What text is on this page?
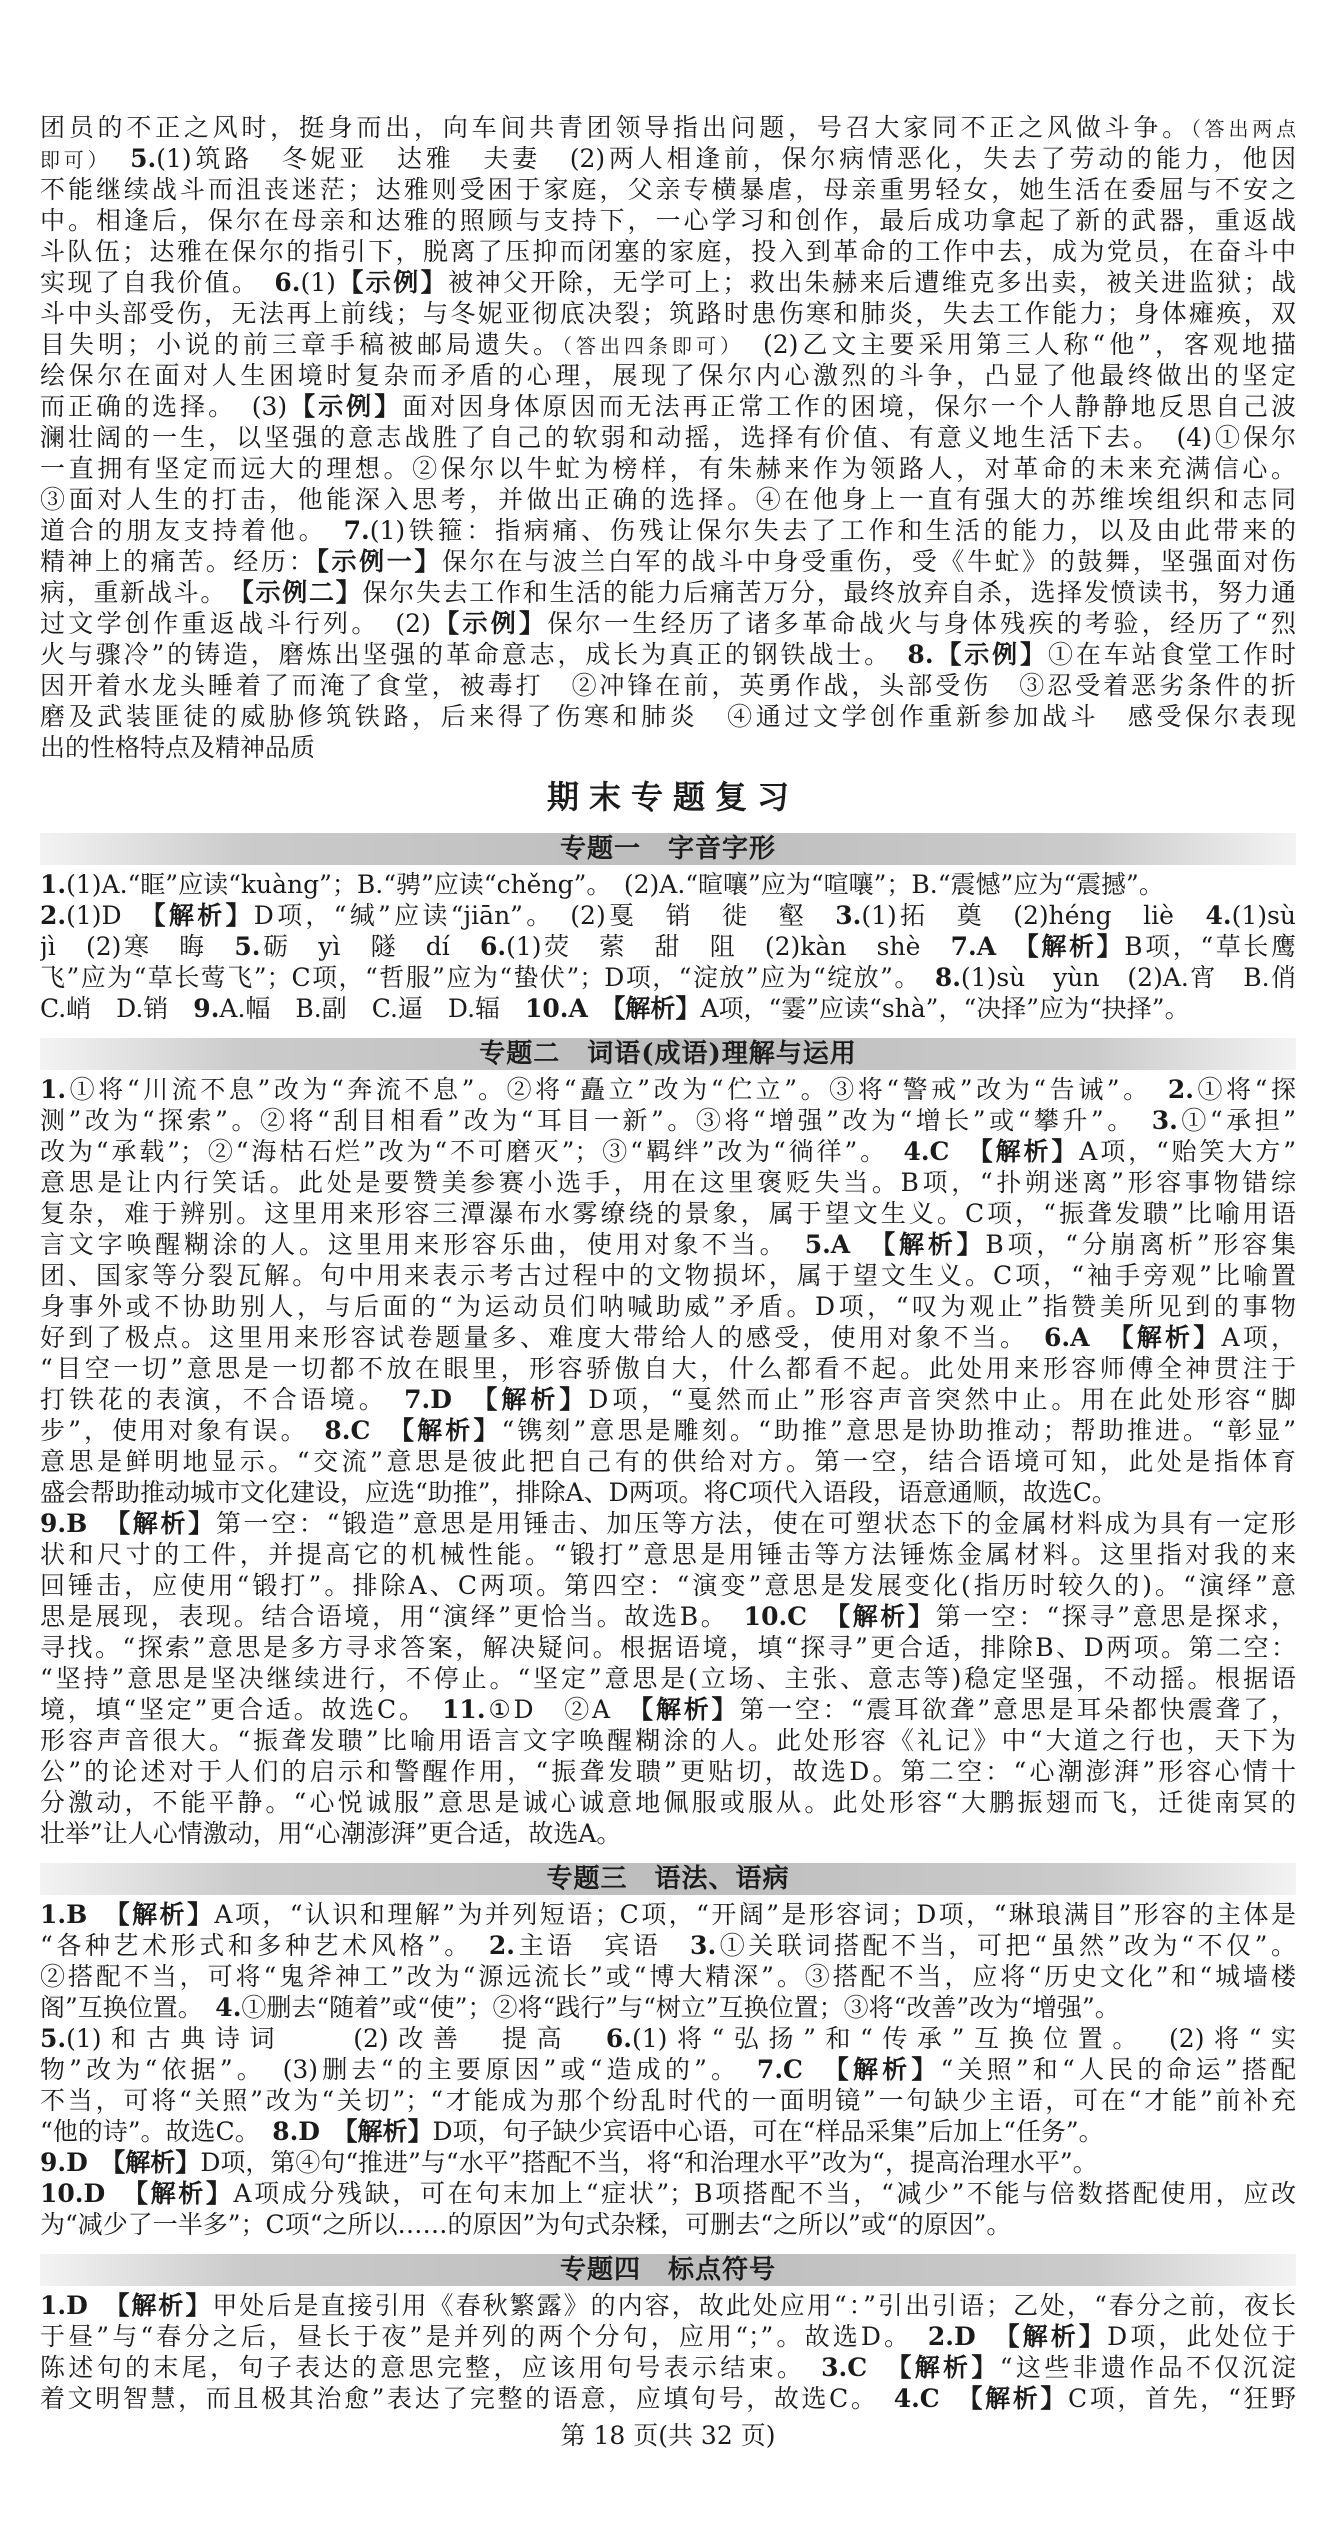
团员的不正之风时，挺身而出，向车间共青团领导指出问题，号召大家同不正之风做斗争。（答出两点
即可）　 5.(1)筑路　冬妮亚　达雅　夫妻　(2)两人相逢前，保尔病情恶化，失去了劳动的能力，他因
不能继续战斗而沮丧迷茫；达雅则受困于家庭，父亲专横暴虐，母亲重男轻女，她生活在委屈与不安之
中。相逢后，保尔在母亲和达雅的照顾与支持下，一心学习和创作，最后成功拿起了新的武器，重返战
斗队伍；达雅在保尔的指引下，脱离了压抑而闭塞的家庭，投入到革命的工作中去，成为党员，在奋斗中
实现了自我价值。　6.(1)【示例】被神父开除，无学可上；救出朱赫来后遭维克多出卖，被关进监狱；战
斗中头部受伤，无法再上前线；与冬妮亚彻底决裂；筑路时患伤寒和肺炎，失去工作能力；身体瘫痪，双
目失明；小说的前三章手稿被邮局遗失。（答出四条即可）　(2)乙文主要采用第三人称“他”，客观地描
绘保尔在面对人生困境时复杂而矛盾的心理，展现了保尔内心激烈的斗争，凸显了他最终做出的坚定
而正确的选择。　(3)【示例】面对因身体原因而无法再正常工作的困境，保尔一个人静静地反思自己波
澜壮阔的一生，以坚强的意志战胜了自己的软弱和动摇，选择有价值、有意义地生活下去。　(4)①保尔
一直拥有坚定而远大的理想。②保尔以牛虻为榜样，有朱赫来作为领路人，对革命的未来充满信心。
③面对人生的打击，他能深入思考，并做出正确的选择。④在他身上一直有强大的苏维埃组织和志同
道合的朋友支持着他。　7.(1)铁箍：指病痛、伤残让保尔失去了工作和生活的能力，以及由此带来的
精神上的痛苦。经历：【示例一】保尔在与波兰白军的战斗中身受重伤，受《牛虻》的鼓舞，坚强面对伤
病，重新战斗。　【示例二】保尔失去工作和生活的能力后痛苦万分，最终放弃自杀，选择发愤读书，努力通
过文学创作重返战斗行列。　(2)【示例】保尔一生经历了诸多革命战火与身体残疾的考验，经历了“烈
火与骤冷”的铸造，磨炼出坚强的革命意志，成长为真正的钢铁战士。　8.【示例】①在车站食堂工作时
因开着水龙头睡着了而淹了食堂，被毒打　②冲锋在前，英勇作战，头部受伤　③忍受着恶劣条件的折
磨及武装匪徒的威胁修筑铁路，后来得了伤寒和肺炎　④通过文学创作重新参加战斗　感受保尔表现
出的性格特点及精神品质
期末专题复习
专题一　字音字形
1.(1)A.“眶”应读“kuàng”；B.“骋”应读“chěng”。　(2)A.“暄嚷”应为“喧嚷”；B.“震憾”应为“震撼”。
2.(1)D　【解析】D项，“缄”应读“jiān”。　(2)戛　销　徙　壑　3.(1)拓　奠　(2)héng　liè　4.(1)sù
jì　(2)寒　晦　5.砺　yì　隧　dí　6.(1)荧　萦　甜　阻　(2)kàn　shè　7.A　 【解析】B项，“草长鹰
飞”应为“草长莺飞”；C项，“哲服”应为“蛰伏”；D项，“淀放”应为“绽放”。　8.(1)sù　yùn　(2)A.宵　B.俏
C.峭　D.销　9.A.幅　B.副　C.逼　D.辐　10.A　 【解析】A项，“霎”应读“shà”，“决择”应为“抉择”。
专题二　词语(成语)理解与运用
1.①将“川流不息”改为“奔流不息”。②将“矗立”改为“伫立”。③将“警戒”改为“告诫”。　2.①将“探
测”改为“探索”。②将“刮目相看”改为“耳目一新”。③将“增强”改为“增长”或“攀升”。　3.①“承担”
改为“承载”；②“海枯石烂”改为“不可磨灭”；③“羁绊”改为“徜徉”。　4.C　 【解析】A项，“贻笑大方”
意思是让内行笑话。此处是要赞美参赛小选手，用在这里褒贬失当。B项，“扑朔迷离”形容事物错综
复杂，难于辨别。这里用来形容三潭瀑布水雾缭绕的景象，属于望文生义。C项，“振聋发聩”比喻用语
言文字唤醒糊涂的人。这里用来形容乐曲，使用对象不当。　5.A　 【解析】B项，“分崩离析”形容集
团、国家等分裂瓦解。句中用来表示考古过程中的文物损坏，属于望文生义。C项，“袖手旁观”比喻置
身事外或不协助别人，与后面的“为运动员们呐喊助威”矛盾。D项，“叹为观止”指赞美所见到的事物
好到了极点。这里用来形容试卷题量多、难度大带给人的感受，使用对象不当。　6.A　 【解析】A项，
“目空一切”意思是一切都不放在眼里，形容骄傲自大，什么都看不起。此处用来形容师傅全神贯注于
打铁花的表演，不合语境。　7.D　 【解析】D项，“戛然而止”形容声音突然中止。用在此处形容“脚
步”，使用对象有误。　8.C　 【解析】“镌刻”意思是雕刻。“助推”意思是协助推动；帮助推进。“彰显”
意思是鲜明地显示。“交流”意思是彼此把自己有的供给对方。第一空，结合语境可知，此处是指体育
盛会帮助推动城市文化建设，应选“助推”，排除A、D两项。将C项代入语段，语意通顺，故选C。
9.B　 【解析】第一空：“锻造”意思是用锤击、加压等方法，使在可塑状态下的金属材料成为具有一定形
状和尺寸的工件，并提高它的机械性能。“锻打”意思是用锤击等方法锤炼金属材料。这里指对我的来
回锤击，应使用“锻打”。排除A、C两项。第四空：“演变”意思是发展变化(指历时较久的)。“演绎”意
思是展现，表现。结合语境，用“演绎”更恰当。故选B。　10.C　 【解析】第一空：“探寻”意思是探求，
寻找。“探索”意思是多方寻求答案，解决疑问。根据语境，填“探寻”更合适，排除B、D两项。第二空：
“坚持”意思是坚决继续进行，不停止。“坚定”意思是(立场、主张、意志等)稳定坚强，不动摇。根据语
境，填“坚定”更合适。故选C。　11.①D　②A　【解析】第一空：“震耳欲聋”意思是耳朵都快震聋了，
形容声音很大。“振聋发聩”比喻用语言文字唤醒糊涂的人。此处形容《礼记》中“大道之行也，天下为
公”的论述对于人们的启示和警醒作用，“振聋发聩”更贴切，故选D。第二空：“心潮澎湃”形容心情十
分激动，不能平静。“心悦诚服”意思是诚心诚意地佩服或服从。此处形容“大鹏振翅而飞，迁徙南冥的
壮举”让人心情激动，用“心潮澎湃”更合适，故选A。
专题三　语法、语病
1.B　 【解析】A项，“认识和理解”为并列短语；C项，“开阔”是形容词；D项，“琳琅满目”形容的主体是
“各种艺术形式和多种艺术风格”。　2.主语　宾语　3.①关联词搭配不当，可把“虽然”改为“不仅”。
②搭配不当，可将“鬼斧神工”改为“源远流长”或“博大精深”。③搭配不当，应将“历史文化”和“城墙楼
阁”互换位置。　4.①删去“随着”或“使”；②将“践行”与“树立”互换位置；③将“改善”改为“增强”。
5.(1)和古典诗词　　(2)改善　提高　6.(1)将“弘扬”和“传承”互换位置。　(2)将“实
物”改为“依据”。　(3)删去“的主要原因”或“造成的”。　7.C　 【解析】“关照”和“人民的命运”搭配
不当，可将“关照”改为“关切”；“才能成为那个纷乱时代的一面明镜”一句缺少主语，可在“才能”前补充
“他的诗”。故选C。　8.D　 【解析】D项，句子缺少宾语中心语，可在“样品采集”后加上“任务”。
9.D　 【解析】D项，第④句“推进”与“水平”搭配不当，将“和治理水平”改为“，提高治理水平”。
10.D　 【解析】A项成分残缺，可在句末加上“症状”；B项搭配不当，“减少”不能与倍数搭配使用，应改
为“减少了一半多”；C项“之所以……的原因”为句式杂糅，可删去“之所以”或“的原因”。
专题四　标点符号
1.D　 【解析】甲处后是直接引用《春秋繁露》的内容，故此处应用“：”引出引语；乙处，“春分之前，夜长
于昼”与“春分之后，昼长于夜”是并列的两个分句，应用“；”。故选D。　2.D　 【解析】D项，此处位于
陈述句的末尾，句子表达的意思完整，应该用句号表示结束。　3.C　 【解析】“这些非遗作品不仅沉淀
着文明智慧，而且极其治愈”表达了完整的语意，应填句号，故选C。　4.C　 【解析】C项，首先，“狂野
第 18 页(共 32 页)
